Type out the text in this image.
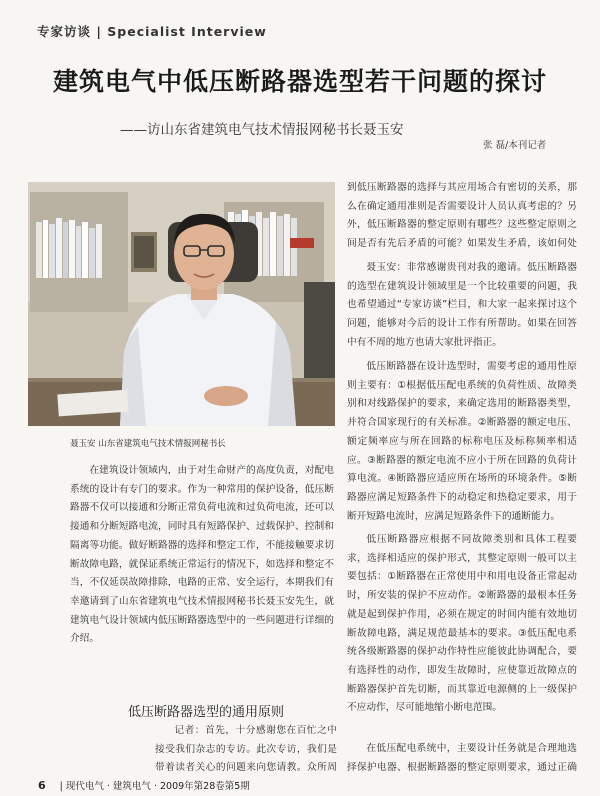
专家访谈 | Specialist Interview
建筑电气中低压断路器选型若干问题的探讨
——访山东省建筑电气技术情报网秘书长聂玉安
张 磊/本刊记者
聂玉安 山东省建筑电气技术情报网秘书长

在建筑设计领域内，由于对生命财产的高度负责，对配电系统的设计有专门的要求。作为一种常用的保护设备，低压断路器不仅可以接通和分断正常负荷电流和过负荷电流，还可以接通和分断短路电流，同时具有短路保护、过载保护、控制和隔离等功能。做好断路器的选择和整定工作，不能接触要求切断故障电路，就保证系统正常运行的情况下，如选择和整定不当，不仅延误故障排除，电路的正常、安全运行，本期我们有幸邀请到了山东省建筑电气技术情报网秘书长聂玉安先生，就建筑电气设计领域内低压断路器选型中的一些问题进行详细的介绍。

低压断路器选型的通用原则

记者：首先，十分感谢您在百忙之中接受我们杂志的专访。此次专访，我们是带着读者关心的问题来向您请教。众所周

到低压断路器的选择与其应用场合有密切的关系，那么在确定通用准则是否需要设计人员认真考虑的？另外，低压断路器的整定原则有哪些？这些整定原则之间是否有先后矛盾的可能？如果发生矛盾，该如何处

聂玉安：非常感谢贵刊对我的邀请。低压断路器的选型在建筑设计领域里是一个比较重要的问题，我也希望通过“专家访谈”栏目，和大家一起来探讨这个问题，能够对今后的设计工作有所帮助。如果在回答中有不周的地方也请大家批评指正。

低压断路器在设计选型时，需要考虑的通用性原则主要有：①根据低压配电系统的负荷性质、故障类别和对线路保护的要求，来确定选用的断路器类型，并符合国家现行的有关标准。②断路器的额定电压、额定频率应与所在回路的标称电压及标称频率相适应。③断路器的额定电流不应小于所在回路的负荷计算电流。④断路器应适应所在场所的环境条件。⑤断路器应满足短路条件下的动稳定和热稳定要求，用于断开短路电流时，应满足短路条件下的通断能力。

低压断路器应根据不同故障类别和具体工程要求，选择相适应的保护形式，其整定原则一般可以主要包括：①断路器在正常使用中和用电设备正常起动时，所安装的保护不应动作。②断路器的最根本任务就是起到保护作用，必须在规定的时间内能有效地切断故障电路，满足规范最基本的要求。③低压配电系统各级断路器的保护动作特性应能彼此协调配合，要有选择性的动作，即发生故障时，应使靠近故障点的断路器保护首先切断，而其靠近电源侧的上一级保护不应动作，尽可能地缩小断电范围。

在低压配电系统中，主要设计任务就是合理地选择保护电器、根据断路器的整定原则要求，通过正确

6 | 现代电气 · 建筑电气 · 2009年第28卷第5期
